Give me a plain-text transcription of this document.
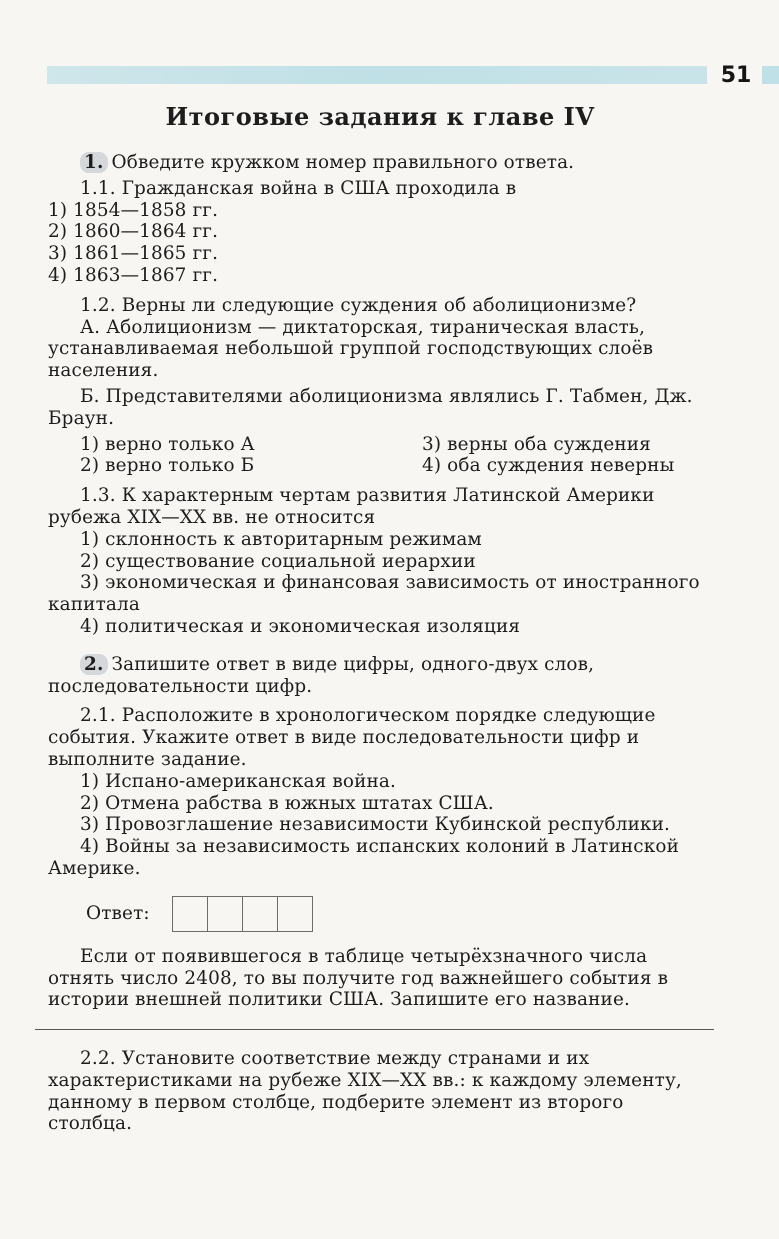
51
Итоговые задания к главе IV

1. Обведите кружком номер правильного ответа.

1.1. Гражданская война в США проходила в

1) 1854—1858 гг.

2) 1860—1864 гг.

3) 1861—1865 гг.

4) 1863—1867 гг.

1.2. Верны ли следующие суждения об аболиционизме?

А. Аболиционизм — диктаторская, тираническая власть, устанавливаемая небольшой группой господствующих слоёв населения.

Б. Представителями аболиционизма являлись Г. Табмен, Дж. Браун.

1) верно только А	3) верны оба суждения
2) верно только Б	4) оба суждения неверны

1.3. К характерным чертам развития Латинской Америки рубежа XIX—XX вв. не относится

1) склонность к авторитарным режимам

2) существование социальной иерархии

3) экономическая и финансовая зависимость от иностранного капитала

4) политическая и экономическая изоляция

2. Запишите ответ в виде цифры, одного-двух слов, последовательности цифр.

2.1. Расположите в хронологическом порядке следующие события. Укажите ответ в виде последовательности цифр и выполните задание.

1) Испано-американская война.

2) Отмена рабства в южных штатах США.

3) Провозглашение независимости Кубинской республики.

4) Войны за независимость испанских колоний в Латинской Америке.

Ответ:

Если от появившегося в таблице четырёхзначного числа отнять число 2408, то вы получите год важнейшего события в истории внешней политики США. Запишите его название.

2.2. Установите соответствие между странами и их характеристиками на рубеже XIX—XX вв.: к каждому элементу, данному в первом столбце, подберите элемент из второго столбца.
